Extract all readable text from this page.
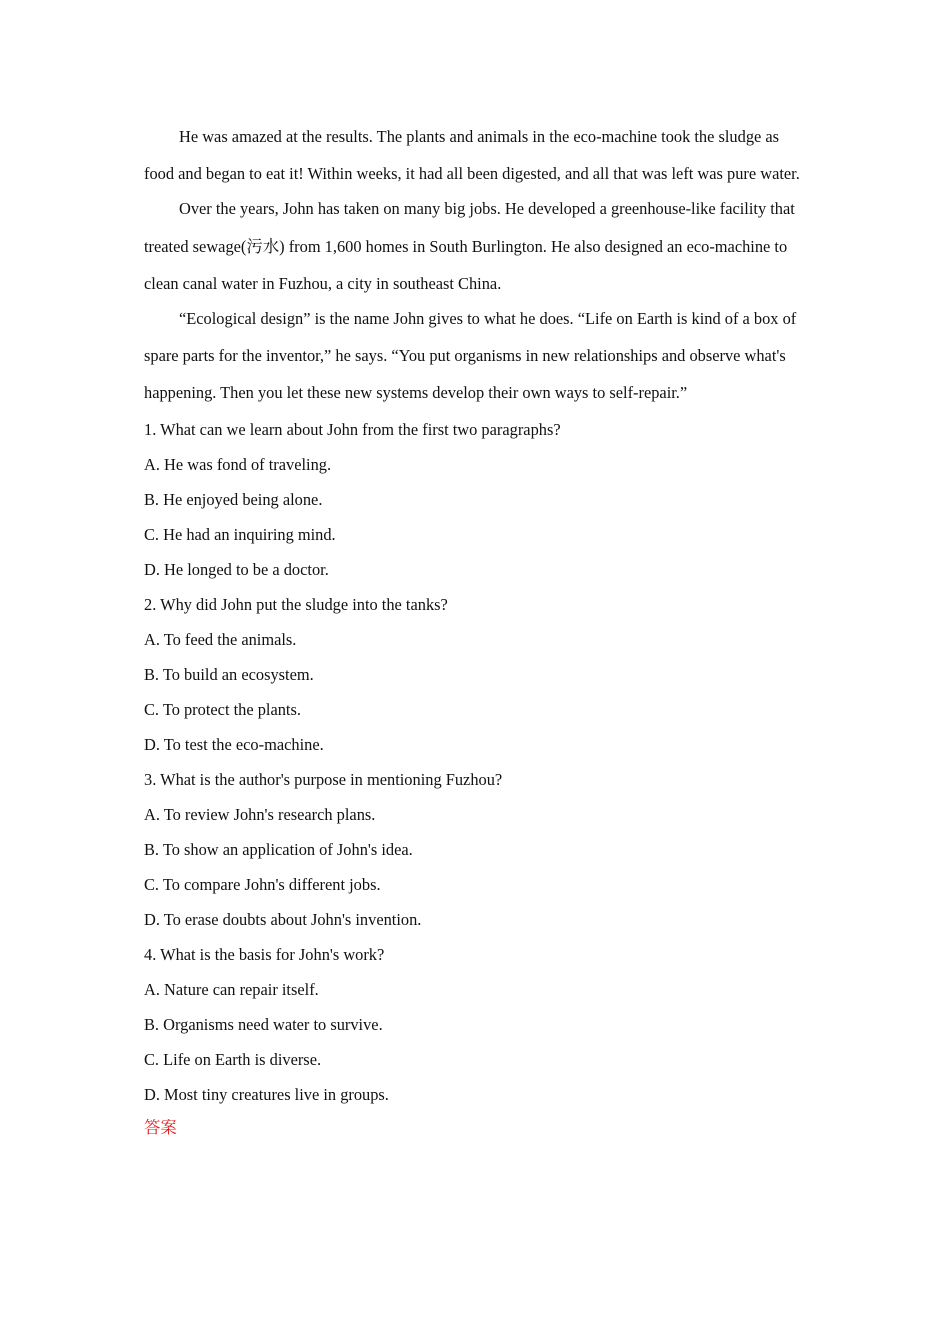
He was amazed at the results. The plants and animals in the eco-machine took the sludge as food and began to eat it! Within weeks, it had all been digested, and all that was left was pure water.

Over the years, John has taken on many big jobs. He developed a greenhouse-like facility that treated sewage(污水) from 1,600 homes in South Burlington. He also designed an eco-machine to clean canal water in Fuzhou, a city in southeast China.

“Ecological design” is the name John gives to what he does. “Life on Earth is kind of a box of spare parts for the inventor,” he says. “You put organisms in new relationships and observe what's happening. Then you let these new systems develop their own ways to self-repair.”

1. What can we learn about John from the first two paragraphs?

A. He was fond of traveling.

B. He enjoyed being alone.

C. He had an inquiring mind.

D. He longed to be a doctor.

2. Why did John put the sludge into the tanks?

A. To feed the animals.

B. To build an ecosystem.

C. To protect the plants.

D. To test the eco-machine.

3. What is the author's purpose in mentioning Fuzhou?

A. To review John's research plans.

B. To show an application of John's idea.

C. To compare John's different jobs.

D. To erase doubts about John's invention.

4. What is the basis for John's work?

A. Nature can repair itself.

B. Organisms need water to survive.

C. Life on Earth is diverse.

D. Most tiny creatures live in groups.

答案
